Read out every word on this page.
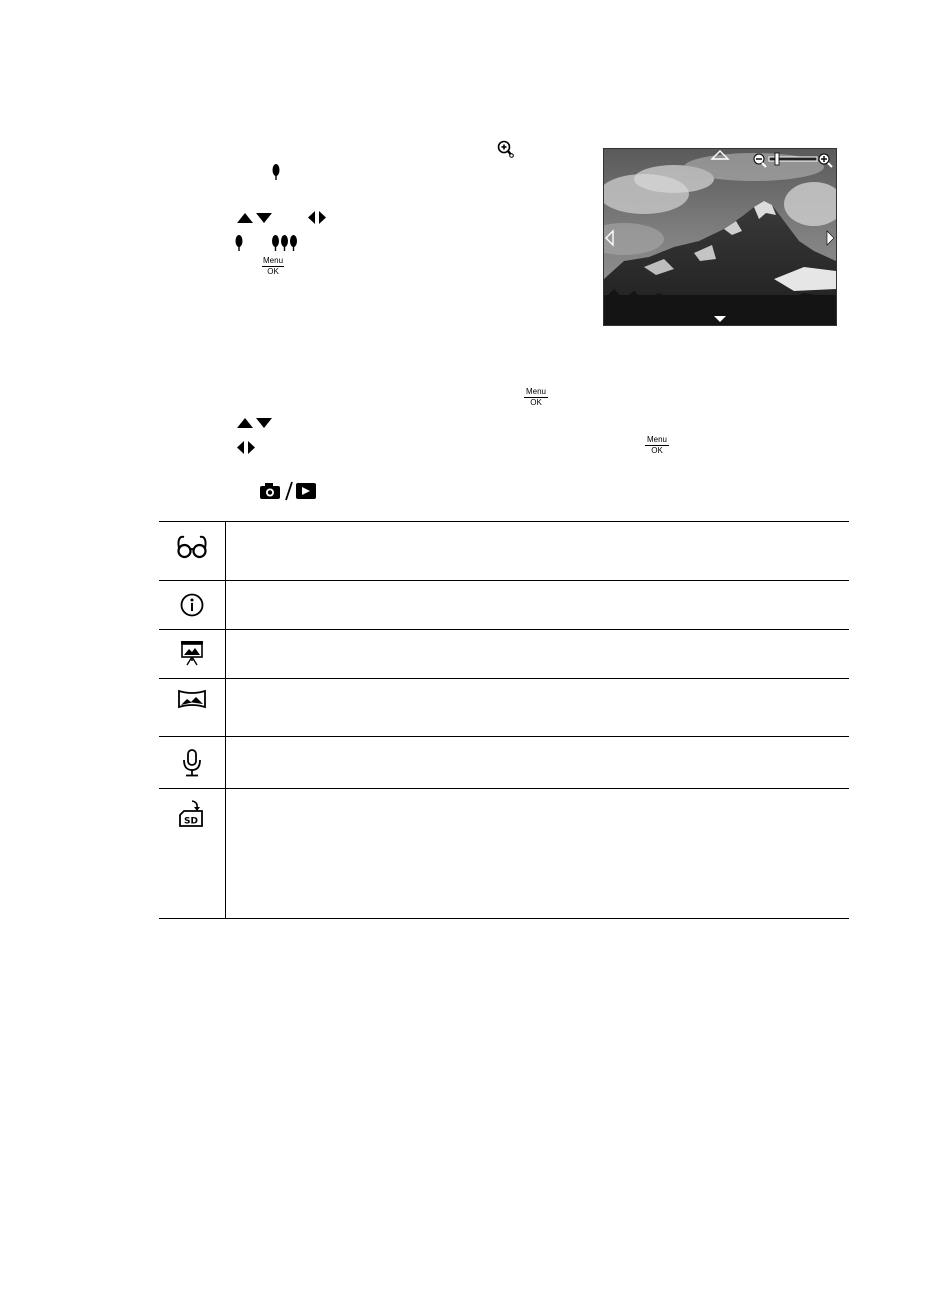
Menu
OK
Menu
OK
Menu
OK
SD
